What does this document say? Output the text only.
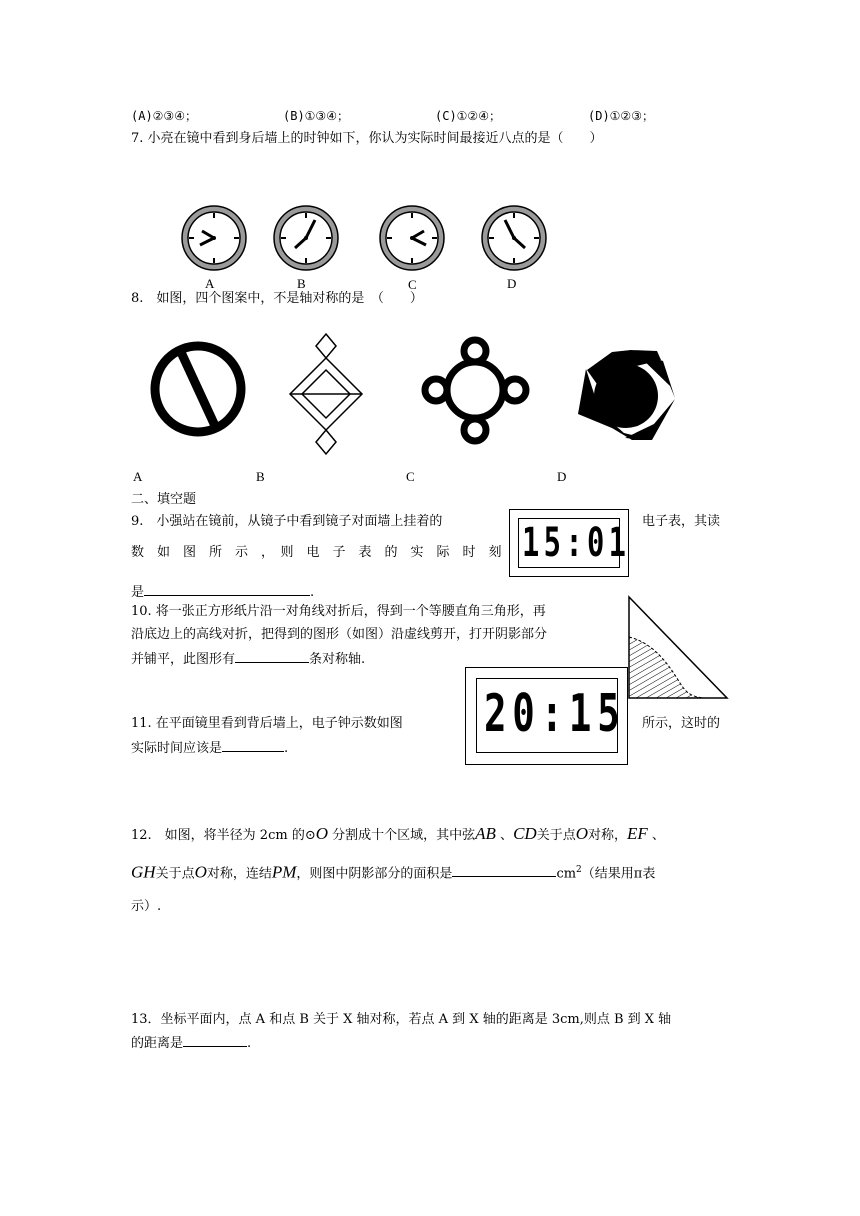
(A)②③④；	(B)①③④；	(C)①②④；	(D)①②③；
7. 小亮在镜中看到身后墙上的时钟如下，你认为实际时间最接近八点的是（　　）
A	B	C	D
8.　如图，四个图案中，不是轴对称的是　（　　）
A	B	C	D
二、填空题
9.　小强站在镜前，从镜子中看到镜子对面墙上挂着的	电子表，其读
数　如　图　所　示　，　则　电　子　表　的　实　际　时　刻
是	.
15:01
10. 将一张正方形纸片沿一对角线对折后，得到一个等腰直角三角形，再
沿底边上的高线对折，把得到的图形（如图）沿虚线剪开，打开阴影部分
并铺平，此图形有	条对称轴.
20:15
11. 在平面镜里看到背后墙上，电子钟示数如图	所示，这时的
实际时间应该是	.
12.　如图，将半径为 2cm 的⊙O 分割成十个区域，其中弦AB 、CD关于点O对称，EF 、
GH关于点O对称，连结PM，则图中阴影部分的面积是	$cm^2$（结果用π表
示）.
13．坐标平面内，点 A 和点 B 关于 X 轴对称，若点 A 到 X 轴的距离是 3cm,则点 B 到 X 轴
的距离是	.
